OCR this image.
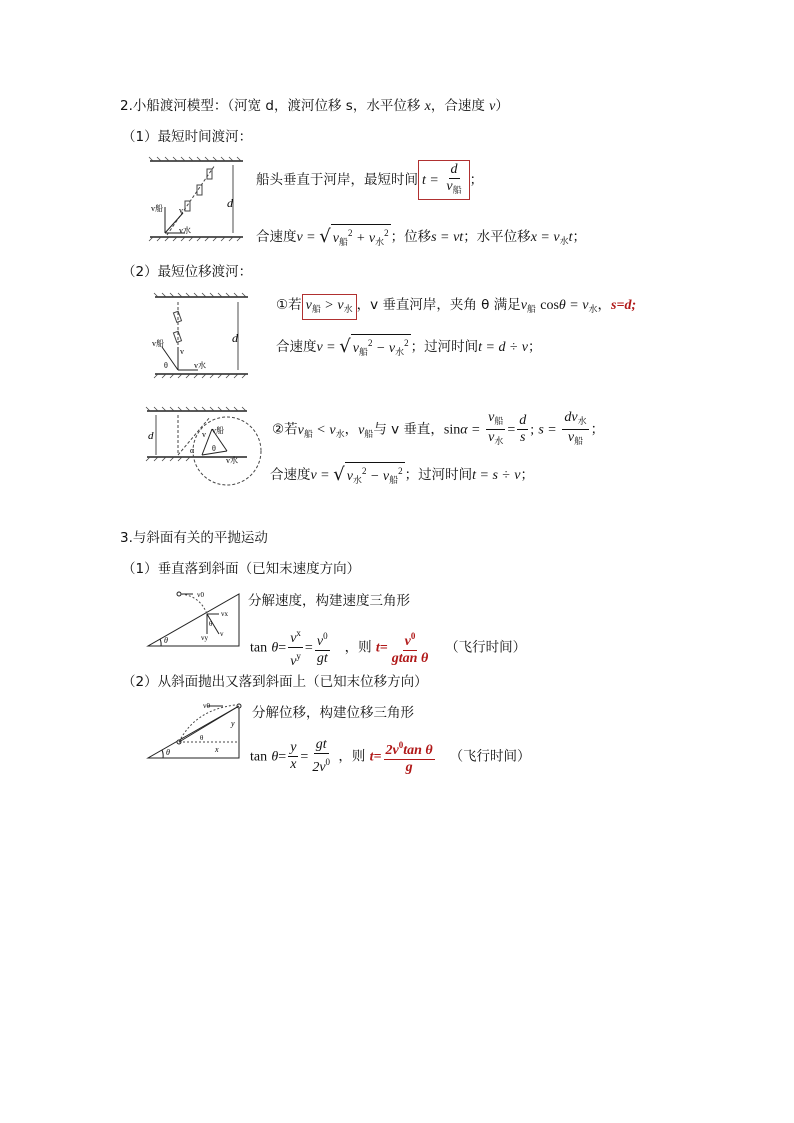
2.小船渡河模型：（河宽 d，渡河位移 s，水平位移 x，合速度 v）
（1）最短时间渡河：
d
v船 v
v水
船头垂直于河岸，最短时间 $t = \frac{d}{v_船}$ ；
合速度v = √ $v_船^2 + v_水^2$ ；位移s = vt；水平位移$x = v_水t$；
（2）最短位移渡河：
d
v船
v
v水
θ
①若 $v_船 > v_水$ ，v 垂直河岸，夹角 θ 满足$v_船$ $\cos\theta = v_水$，s=d;
合速度v = √ $v_船^2 - v_水^2$ ；过河时间t = d ÷ v；
d	v船
v水
v
α θ
②若$v_船 < v_水$，$v_船$与 v 垂直，$\sin\alpha = \frac{v_船}{v_水} = \frac{d}{s}$ ; $s = \frac{dv_水}{v_船}$ ；
合速度v = √ $v_水^2 - v_船^2$ ；过河时间t = s ÷ v；
3.与斜面有关的平抛运动
（1）垂直落到斜面（已知末速度方向）
θ
v0
vx
vy v
θ
分解速度，构建速度三角形
$\tan \theta= \frac{v^x}{v^y} = \frac{v^0}{gt}$ ，则 $t= \frac{v^0}{\text{gtan θ}}$ （飞行时间）
（2）从斜面抛出又落到斜面上（已知末位移方向）
θ
v0
y
x
θ
分解位移，构建位移三角形
$\tan \theta= \frac{y}{x} = \frac{gt}{2v^0}$ ，则 $t= \frac{2v^0\tan \theta}{g}$ （飞行时间）
